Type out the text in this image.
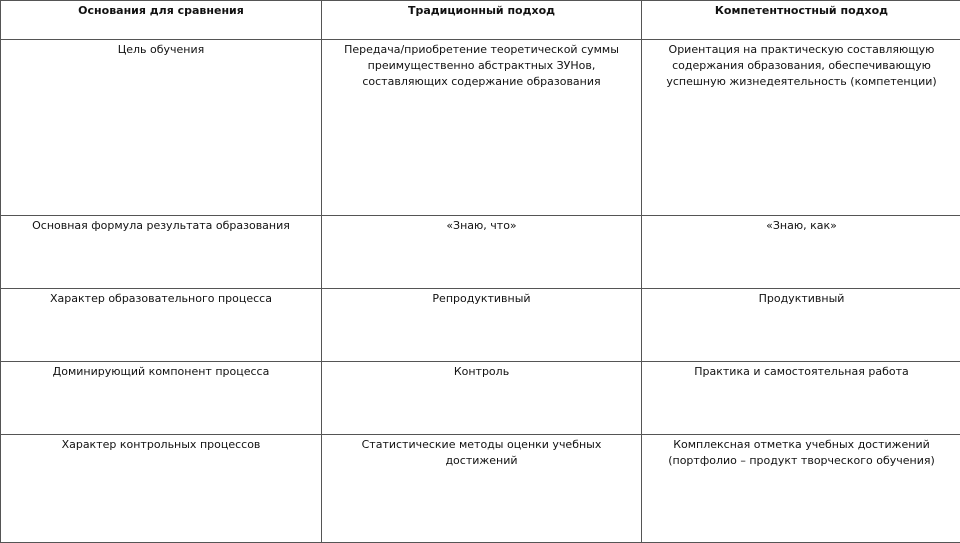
Основания для сравнения	Традиционный подход	Компетентностный подход
Цель обучения	Передача/приобретение теоретической суммы преимущественно абстрактных ЗУНов, составляющих содержание образования	Ориентация на практическую составляющую содержания образования, обеспечивающую успешную жизнедеятельность (компетенции)
Основная формула результата образования	«Знаю, что»	«Знаю, как»
Характер образовательного процесса	Репродуктивный	Продуктивный
Доминирующий компонент процесса	Контроль	Практика и самостоятельная работа
Характер контрольных процессов	Статистические методы оценки учебных достижений	Комплексная отметка учебных достижений (портфолио – продукт творческого обучения)
